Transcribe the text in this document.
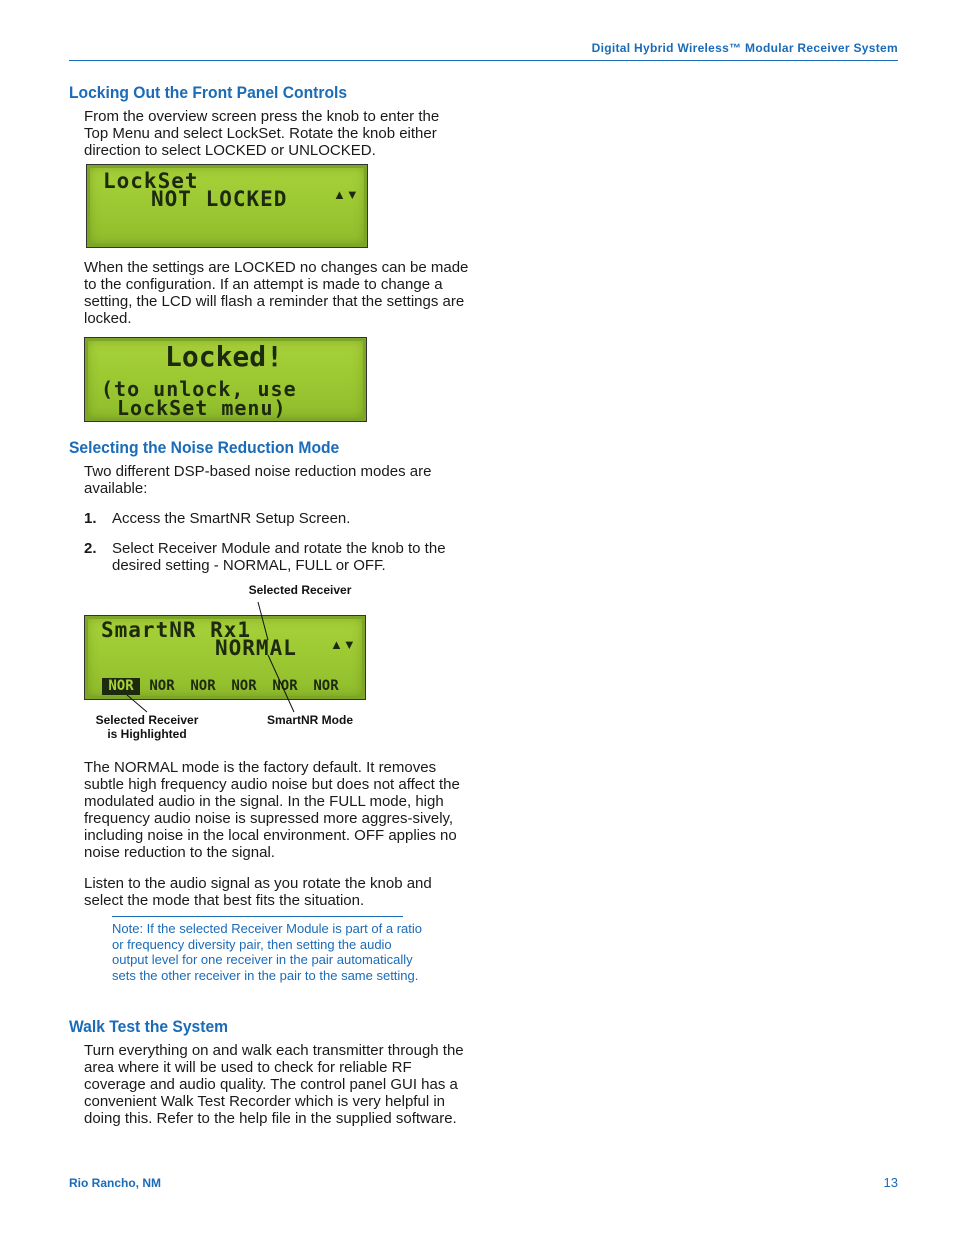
Digital Hybrid Wireless™ Modular Receiver System
Locking Out the Front Panel Controls

From the overview screen press the knob to enter the Top Menu and select LockSet. Rotate the knob either direction to select LOCKED or UNLOCKED.

LockSet
NOT LOCKED	▲▼

When the settings are LOCKED no changes can be made to the configuration. If an attempt is made to change a setting, the LCD will flash a reminder that the settings are locked.

Locked!
(to unlock, use
LockSet menu)
Selecting the Noise Reduction Mode

Two different DSP-based noise reduction modes are available:

1. Access the SmartNR Setup Screen.
2. Select Receiver Module and rotate the knob to the desired setting - NORMAL, FULL or OFF.
Selected Receiver
SmartNR Rx1
NORMAL	▲▼
NOR	NOR	NOR	NOR	NOR	NOR
Selected Receiver
is Highlighted
SmartNR Mode

The NORMAL mode is the factory default. It removes subtle high frequency audio noise but does not affect the modulated audio in the signal. In the FULL mode, high frequency audio noise is supressed more aggres-sively, including noise in the local environment. OFF applies no noise reduction to the signal.

Listen to the audio signal as you rotate the knob and select the mode that best fits the situation.

Note: If the selected Receiver Module is part of a ratio or frequency diversity pair, then setting the audio output level for one receiver in the pair automatically sets the other receiver in the pair to the same setting.

Walk Test the System

Turn everything on and walk each transmitter through the area where it will be used to check for reliable RF coverage and audio quality. The control panel GUI has a convenient Walk Test Recorder which is very helpful in doing this. Refer to the help file in the supplied software.

Rio Rancho, NM	13
